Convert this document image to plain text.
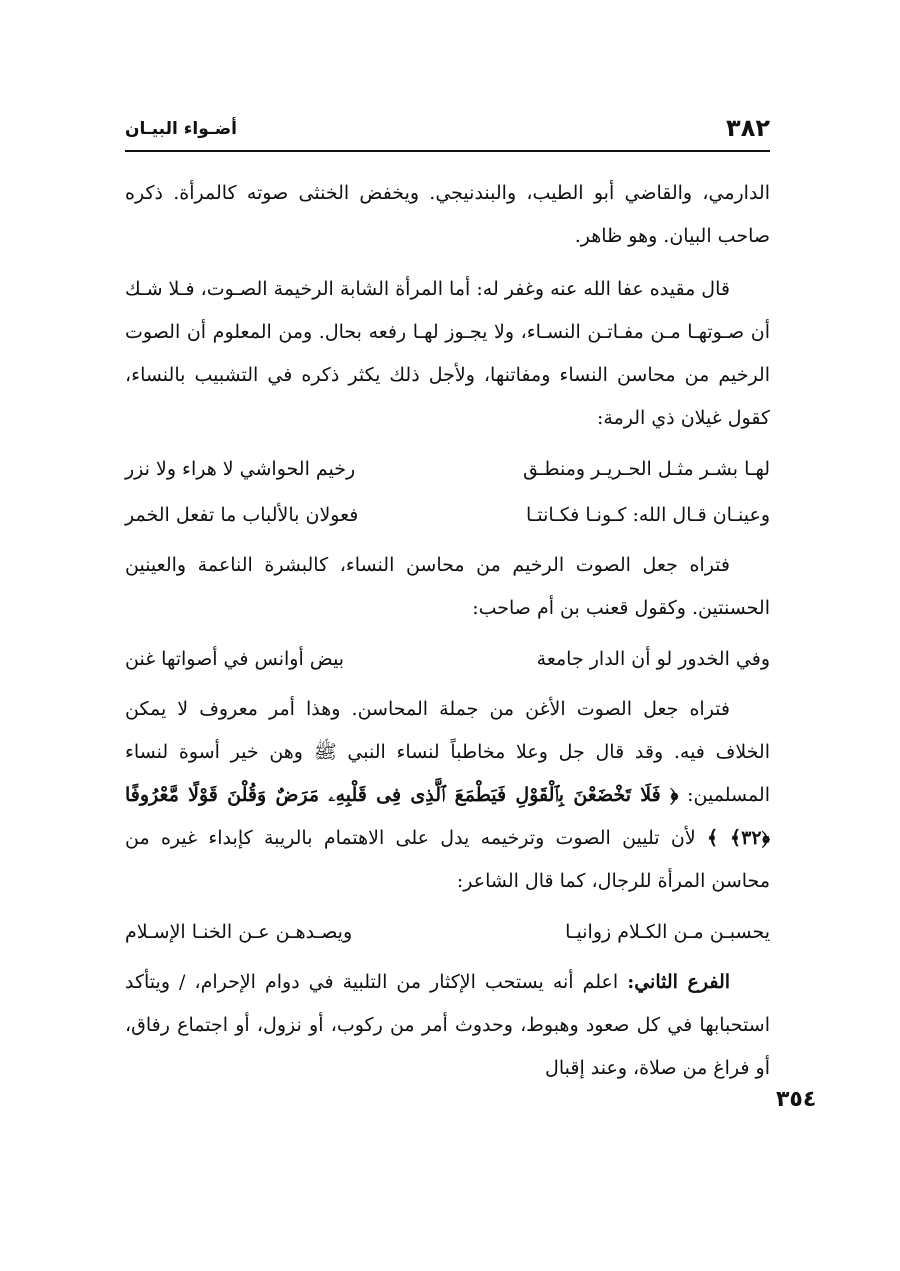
٣٨٢
أضـواء البيـان

الدارمي، والقاضي أبو الطيب، والبندنيجي. ويخفض الخنثى صوته كالمرأة. ذكره صاحب البيان. وهو ظاهر.

قال مقيده عفا الله عنه وغفر له: أما المرأة الشابة الرخيمة الصـوت، فـلا شـك أن صـوتهـا مـن مفـاتـن النسـاء، ولا يجـوز لهـا رفعه بحال. ومن المعلوم أن الصوت الرخيم من محاسن النساء ومفاتنها، ولأجل ذلك يكثر ذكره في التشبيب بالنساء، كقول غيلان ذي الرمة:

لهـا بشـر مثـل الحـريـر ومنطـق
رخيم الحواشي لا هراء ولا نزر
وعينـان قـال الله: كـونـا فكـانتـا
فعولان بالألباب ما تفعل الخمر

فتراه جعل الصوت الرخيم من محاسن النساء، كالبشرة الناعمة والعينين الحسنتين. وكقول قعنب بن أم صاحب:

وفي الخدور لو أن الدار جامعة
بيض أوانس في أصواتها غنن

فتراه جعل الصوت الأغن من جملة المحاسن. وهذا أمر معروف لا يمكن الخلاف فيه. وقد قال جل وعلا مخاطباً لنساء النبي ﷺ وهن خير أسوة لنساء المسلمين: ﴿ فَلَا تَخْضَعْنَ بِٱلْقَوْلِ فَيَطْمَعَ ٱلَّذِى فِى قَلْبِهِۦ مَرَضٌ وَقُلْنَ قَوْلًا مَّعْرُوفًا ﴿٣٢﴾ ﴾ لأن تليين الصوت وترخيمه يدل على الاهتمام بالريبة كإبداء غيره من محاسن المرأة للرجال، كما قال الشاعر:

يحسبـن مـن الكـلام زوانيـا
ويصـدهـن عـن الخنـا الإسـلام

الفرع الثاني: اعلم أنه يستحب الإكثار من التلبية في دوام الإحرام، / ويتأكد استحبابها في كل صعود وهبوط، وحدوث أمر من ركوب، أو نزول، أو اجتماع رفاق، أو فراغ من صلاة، وعند إقبال

٣٥٤
